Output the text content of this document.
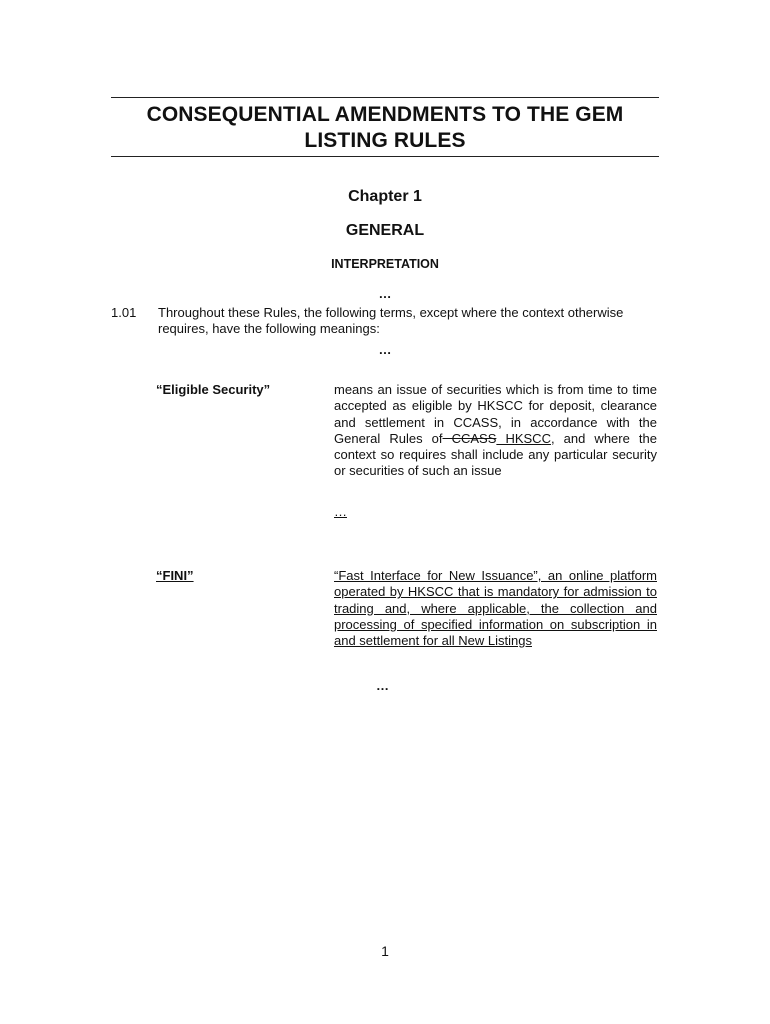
CONSEQUENTIAL AMENDMENTS TO THE GEM
LISTING RULES
Chapter 1
GENERAL
INTERPRETATION
…
1.01 Throughout these Rules, the following terms, except where the context otherwise requires, have the following meanings:
…
“Eligible Security”	means an issue of securities which is from time to time accepted as eligible by HKSCC for deposit, clearance and settlement in CCASS, in accordance with the General Rules of CCASS HKSCC, and where the context so requires shall include any particular security or securities of such an issue
…
“FINI”	“Fast Interface for New Issuance”, an online platform operated by HKSCC that is mandatory for admission to trading and, where applicable, the collection and processing of specified information on subscription in and settlement for all New Listings
…
1
